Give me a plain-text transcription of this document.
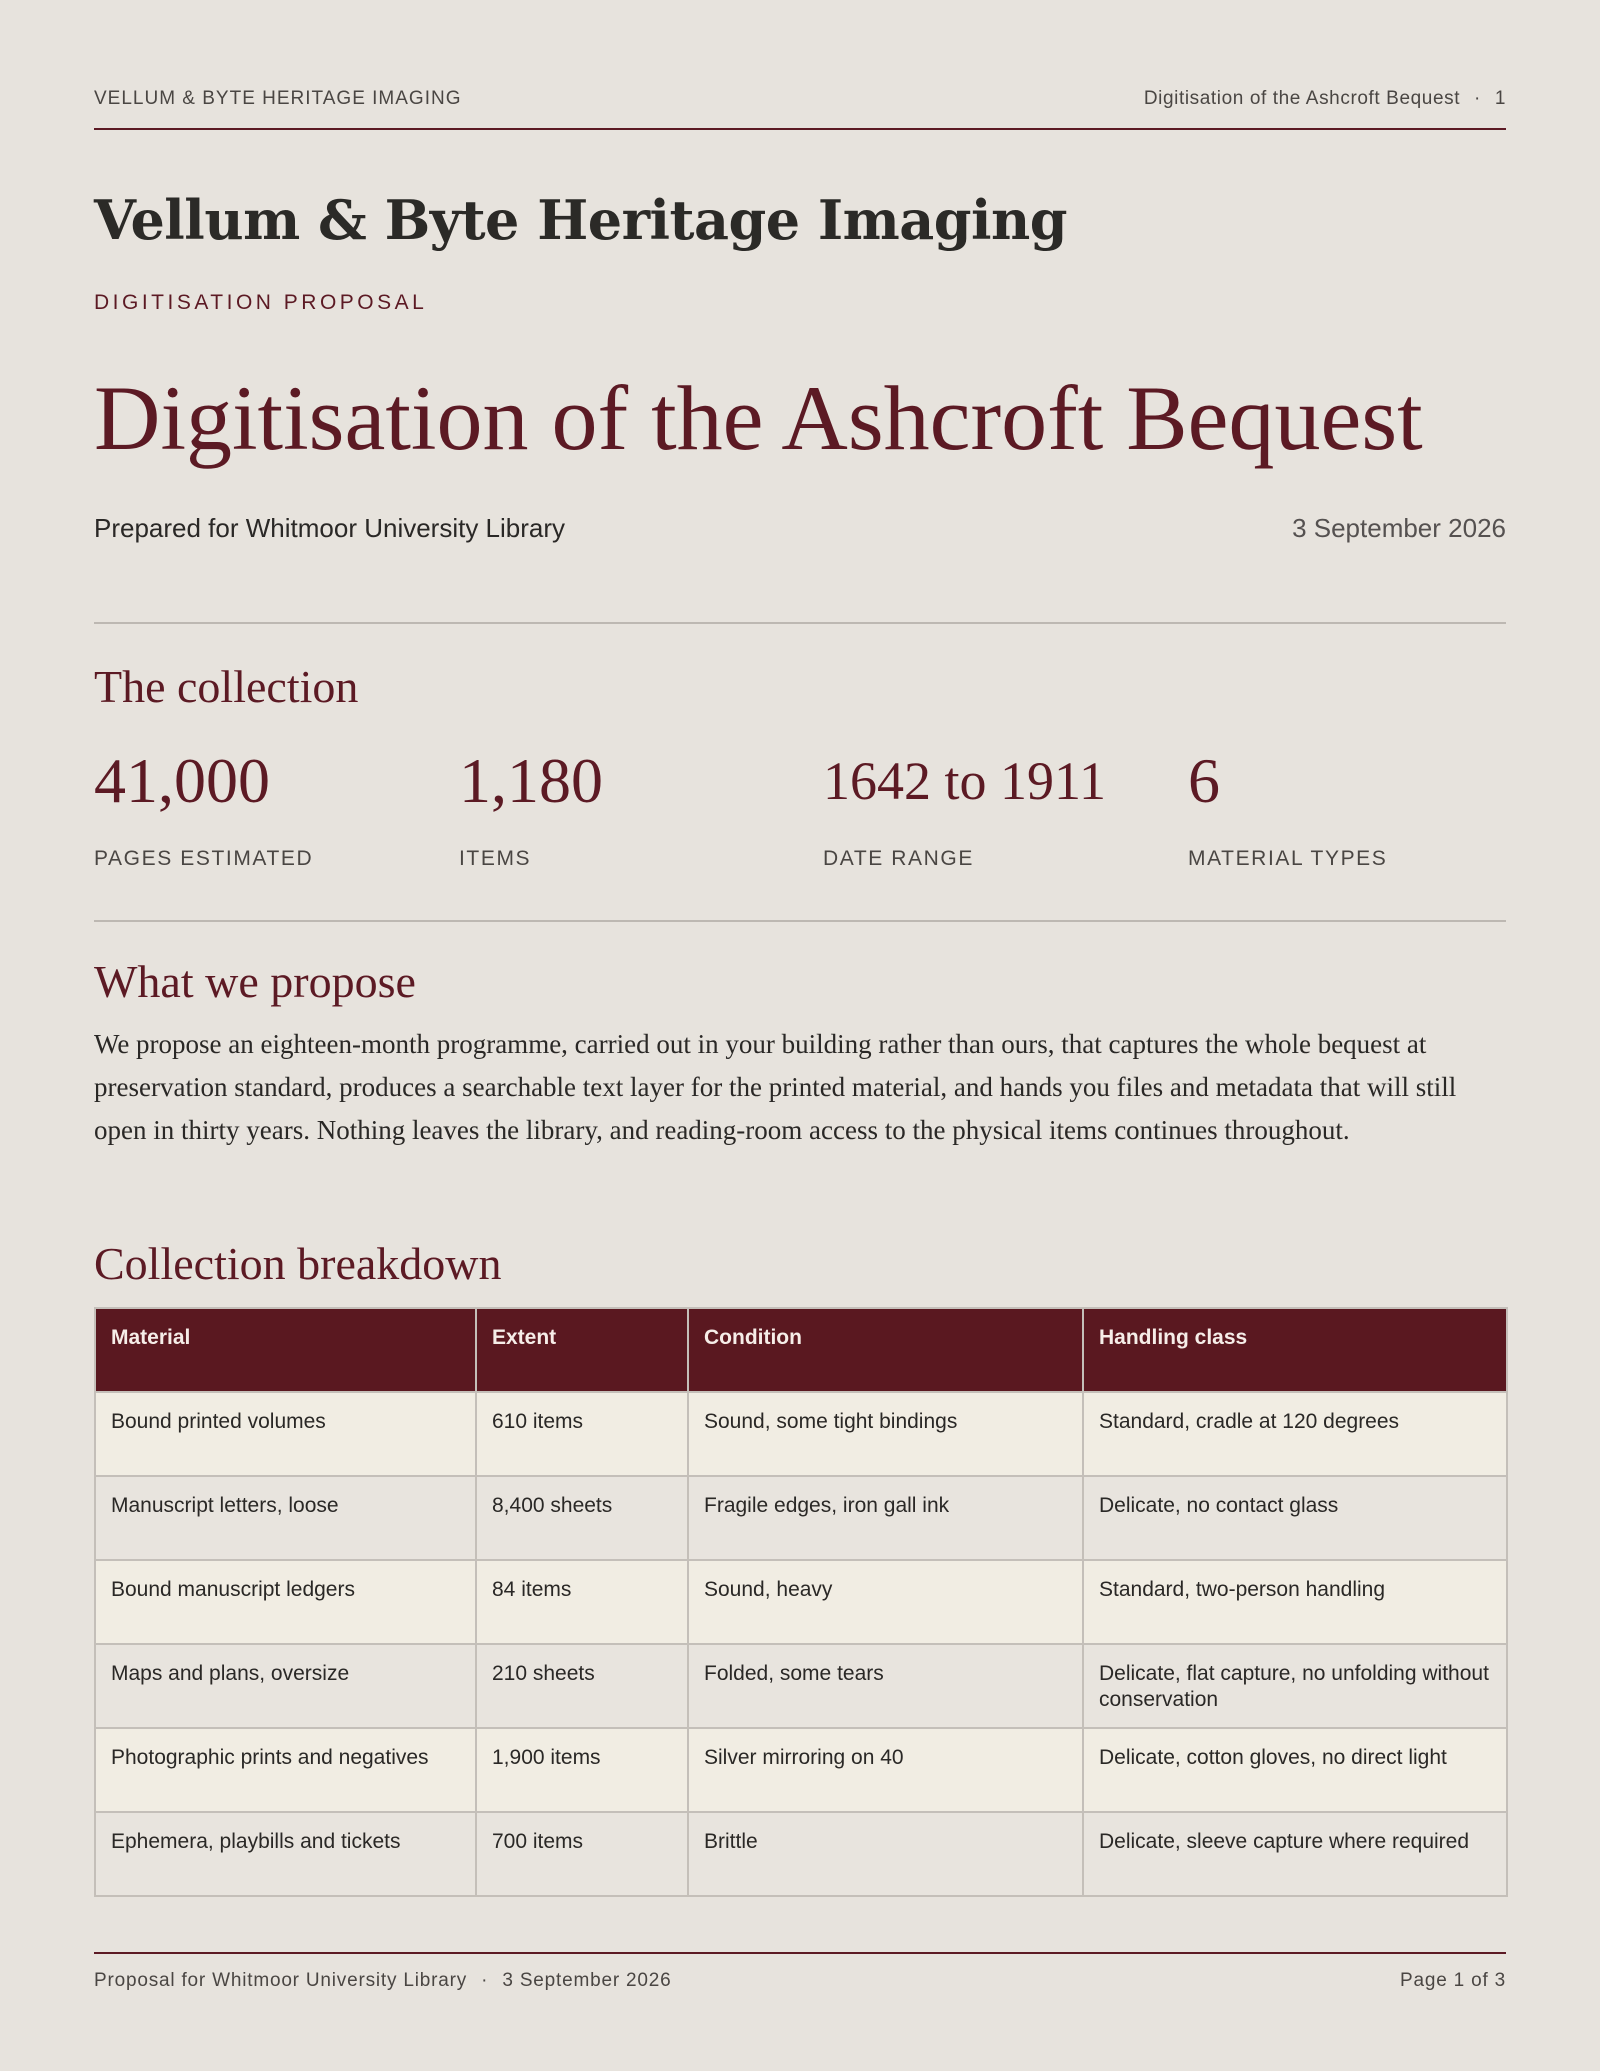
VELLUM & BYTE HERITAGE IMAGING	Digitisation of the Ashcroft Bequest · 1
Vellum & Byte Heritage Imaging
DIGITISATION PROPOSAL
Digitisation of the Ashcroft Bequest
Prepared for Whitmoor University Library	3 September 2026
The collection
41,000
PAGES ESTIMATED
1,180
ITEMS
1642 to 1911
DATE RANGE
6
MATERIAL TYPES
What we propose

We propose an eighteen-month programme, carried out in your building rather than ours, that captures the whole bequest at preservation standard, produces a searchable text layer for the printed material, and hands you files and metadata that will still open in thirty years. Nothing leaves the library, and reading-room access to the physical items continues throughout.

Collection breakdown
Material	Extent	Condition	Handling class
Bound printed volumes	610 items	Sound, some tight bindings	Standard, cradle at 120 degrees
Manuscript letters, loose	8,400 sheets	Fragile edges, iron gall ink	Delicate, no contact glass
Bound manuscript ledgers	84 items	Sound, heavy	Standard, two-person handling
Maps and plans, oversize	210 sheets	Folded, some tears	Delicate, flat capture, no unfolding without conservation
Photographic prints and negatives	1,900 items	Silver mirroring on 40	Delicate, cotton gloves, no direct light
Ephemera, playbills and tickets	700 items	Brittle	Delicate, sleeve capture where required
Proposal for Whitmoor University Library · 3 September 2026	Page 1 of 3
